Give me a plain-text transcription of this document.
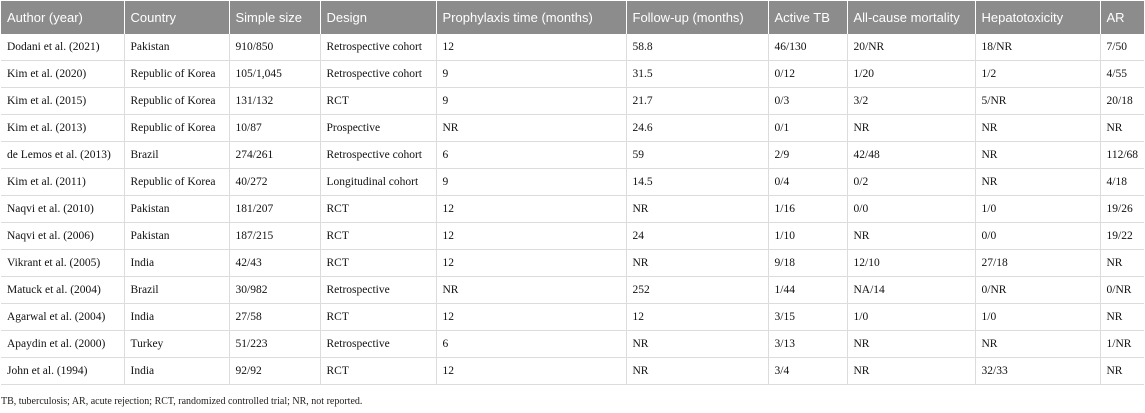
Author (year)	Country	Simple size	Design	Prophylaxis time (months)	Follow-up (months)	Active TB	All-cause mortality	Hepatotoxicity	AR
Dodani et al. (2021)	Pakistan	910/850	Retrospective cohort	12	58.8	46/130	20/NR	18/NR	7/50
Kim et al. (2020)	Republic of Korea	105/1,045	Retrospective cohort	9	31.5	0/12	1/20	1/2	4/55
Kim et al. (2015)	Republic of Korea	131/132	RCT	9	21.7	0/3	3/2	5/NR	20/18
Kim et al. (2013)	Republic of Korea	10/87	Prospective	NR	24.6	0/1	NR	NR	NR
de Lemos et al. (2013)	Brazil	274/261	Retrospective cohort	6	59	2/9	42/48	NR	112/68
Kim et al. (2011)	Republic of Korea	40/272	Longitudinal cohort	9	14.5	0/4	0/2	NR	4/18
Naqvi et al. (2010)	Pakistan	181/207	RCT	12	NR	1/16	0/0	1/0	19/26
Naqvi et al. (2006)	Pakistan	187/215	RCT	12	24	1/10	NR	0/0	19/22
Vikrant et al. (2005)	India	42/43	RCT	12	NR	9/18	12/10	27/18	NR
Matuck et al. (2004)	Brazil	30/982	Retrospective	NR	252	1/44	NA/14	0/NR	0/NR
Agarwal et al. (2004)	India	27/58	RCT	12	12	3/15	1/0	1/0	NR
Apaydin et al. (2000)	Turkey	51/223	Retrospective	6	NR	3/13	NR	NR	1/NR
John et al. (1994)	India	92/92	RCT	12	NR	3/4	NR	32/33	NR
TB, tuberculosis; AR, acute rejection; RCT, randomized controlled trial; NR, not reported.
